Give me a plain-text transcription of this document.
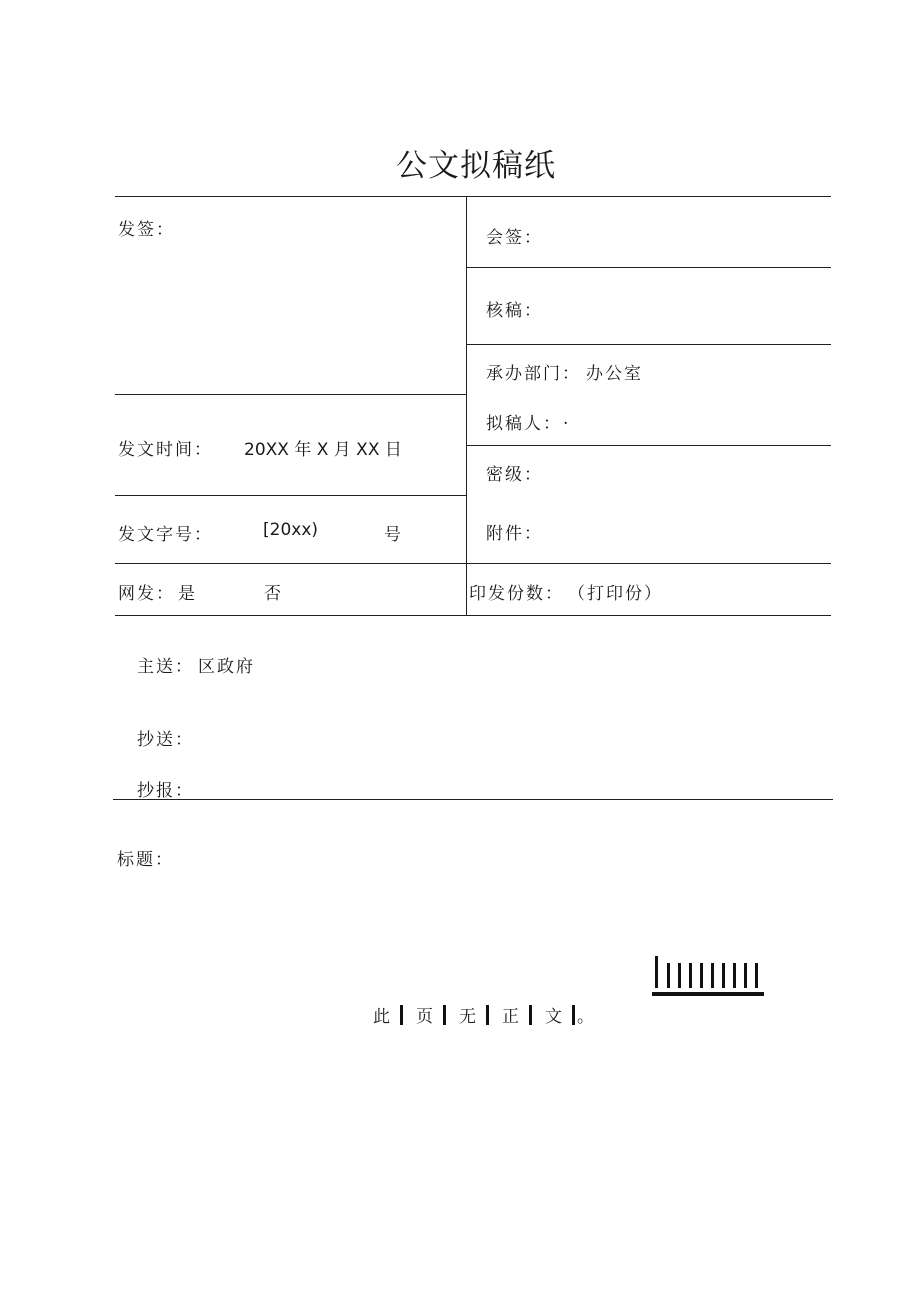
公文拟稿纸
发签：
发文时间： 20XX 年 X 月 XX 日
发文字号：	[20xx)	号
网发： 是	否
会签：
核稿：
承办部门： 办公室
拟稿人： .
密级：
附件：
印发份数： （打印份）
主送： 区政府
抄送：
抄报：
标题：
此 页 无 正 文 。
